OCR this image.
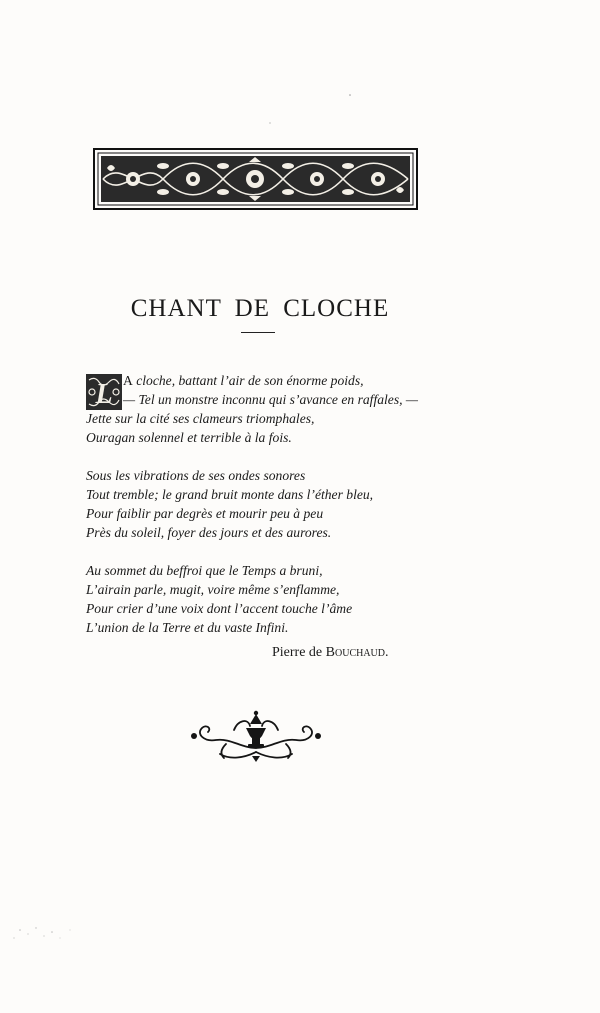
CHANT DE CLOCHE
L A cloche, battant l’air de son énorme poids,
— Tel un monstre inconnu qui s’avance en raffales, —
Jette sur la cité ses clameurs triomphales,
Ouragan solennel et terrible à la fois.
Sous les vibrations de ses ondes sonores
Tout tremble; le grand bruit monte dans l’éther bleu,
Pour faiblir par degrès et mourir peu à peu
Près du soleil, foyer des jours et des aurores.
Au sommet du beffroi que le Temps a bruni,
L’airain parle, mugit, voire même s’enflamme,
Pour crier d’une voix dont l’accent touche l’âme
L’union de la Terre et du vaste Infini.
Pierre de Bouchaud.
